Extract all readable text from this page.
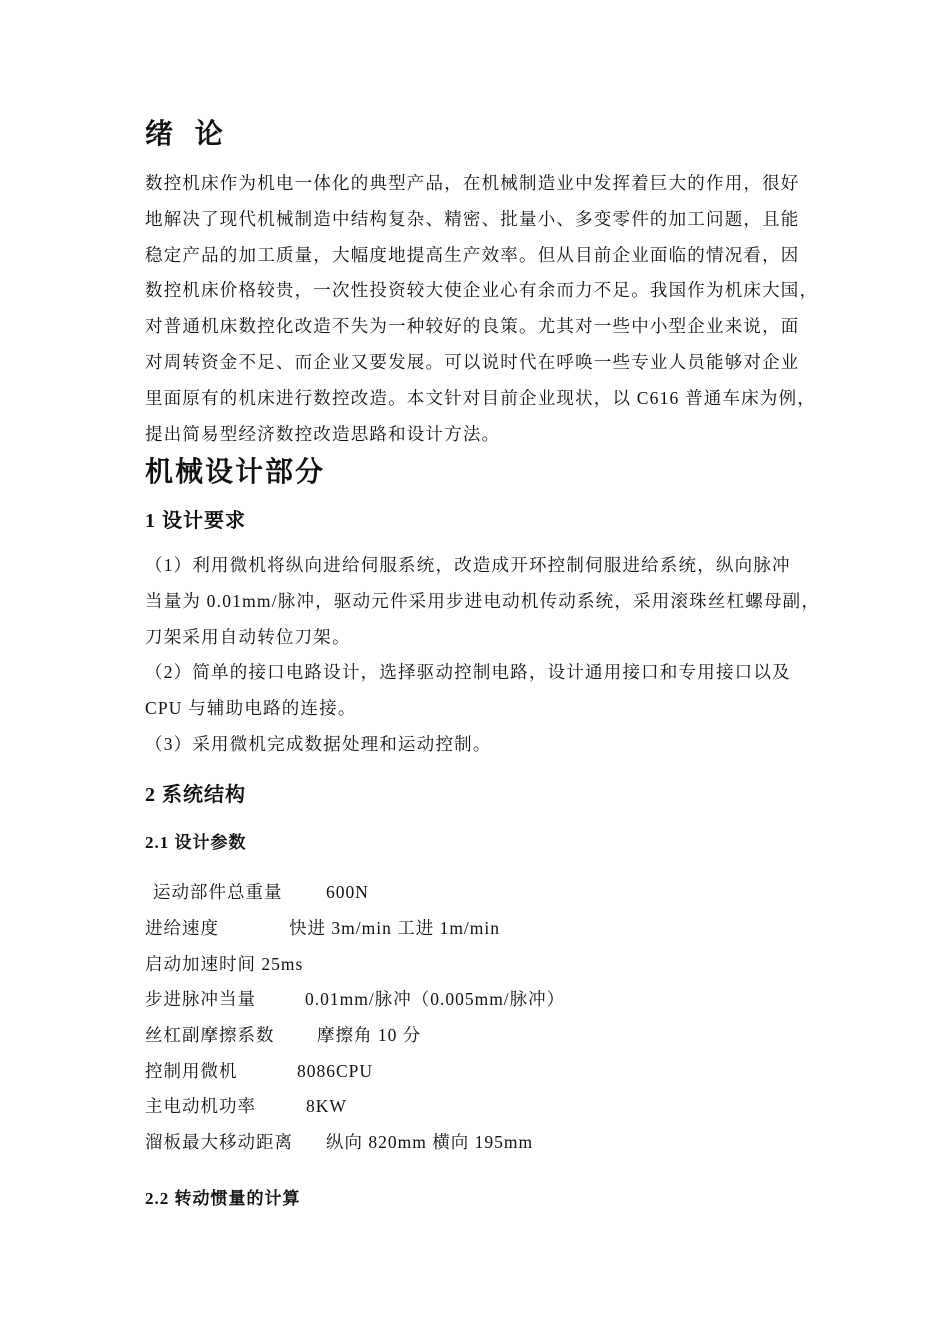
绪 论
数控机床作为机电一体化的典型产品，在机械制造业中发挥着巨大的作用，很好
地解决了现代机械制造中结构复杂、精密、批量小、多变零件的加工问题，且能
稳定产品的加工质量，大幅度地提高生产效率。但从目前企业面临的情况看，因
数控机床价格较贵，一次性投资较大使企业心有余而力不足。我国作为机床大国，
对普通机床数控化改造不失为一种较好的良策。尤其对一些中小型企业来说，面
对周转资金不足、而企业又要发展。可以说时代在呼唤一些专业人员能够对企业
里面原有的机床进行数控改造。本文针对目前企业现状，以 C616 普通车床为例，
提出简易型经济数控改造思路和设计方法。
机械设计部分
1 设计要求
（1）利用微机将纵向进给伺服系统，改造成开环控制伺服进给系统，纵向脉冲
当量为 0.01mm/脉冲，驱动元件采用步进电动机传动系统，采用滚珠丝杠螺母副，
刀架采用自动转位刀架。
（2）简单的接口电路设计，选择驱动控制电路，设计通用接口和专用接口以及
CPU 与辅助电路的连接。
（3）采用微机完成数据处理和运动控制。
2 系统结构
2.1 设计参数
运动部件总重量 600N
进给速度	快进 3m/min 工进 1m/min
启动加速时间 25ms
步进脉冲当量	0.01mm/脉冲（0.005mm/脉冲）
丝杠副摩擦系数 摩擦角 10 分
控制用微机	8086CPU
主电动机功率	8KW
溜板最大移动距离 纵向 820mm 横向 195mm
2.2 转动惯量的计算
